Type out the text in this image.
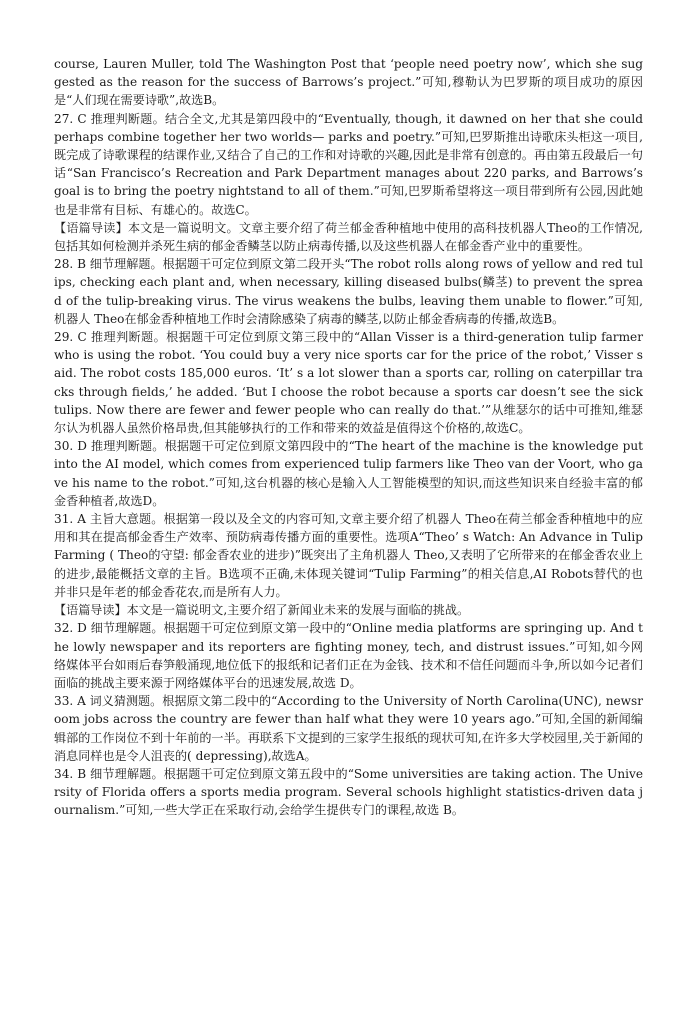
course, Lauren Muller, told The Washington Post that ‘people need poetry now’, which she suggested as the reason for the success of Barrows’s project.”可知,穆勒认为巴罗斯的项目成功的原因是“人们现在需要诗歌”,故选B。

27. C 推理判断题。结合全文,尤其是第四段中的“Eventually, though, it dawned on her that she could perhaps combine together her two worlds— parks and poetry.”可知,巴罗斯推出诗歌床头柜这一项目,既完成了诗歌课程的结课作业,又结合了自己的工作和对诗歌的兴趣,因此是非常有创意的。再由第五段最后一句话“San Francisco’s Recreation and Park Department manages about 220 parks, and Barrows’s goal is to bring the poetry nightstand to all of them.”可知,巴罗斯希望将这一项目带到所有公园,因此她也是非常有目标、有雄心的。故选C。

【语篇导读】本文是一篇说明文。文章主要介绍了荷兰郁金香种植地中使用的高科技机器人Theo的工作情况,包括其如何检测并杀死生病的郁金香鳞茎以防止病毒传播,以及这些机器人在郁金香产业中的重要性。

28. B 细节理解题。根据题干可定位到原文第二段开头“The robot rolls along rows of yellow and red tulips, checking each plant and, when necessary, killing diseased bulbs(鳞茎) to prevent the spread of the tulip-breaking virus. The virus weakens the bulbs, leaving them unable to flower.”可知,机器人 Theo在郁金香种植地工作时会清除感染了病毒的鳞茎,以防止郁金香病毒的传播,故选B。

29. C 推理判断题。根据题干可定位到原文第三段中的“Allan Visser is a third-generation tulip farmer who is using the robot. ‘You could buy a very nice sports car for the price of the robot,’ Visser said. The robot costs 185,000 euros. ‘It’ s a lot slower than a sports car, rolling on caterpillar tracks through fields,’ he added. ‘But I choose the robot because a sports car doesn’t see the sick tulips. Now there are fewer and fewer people who can really do that.’”从维瑟尔的话中可推知,维瑟尔认为机器人虽然价格昂贵,但其能够执行的工作和带来的效益是值得这个价格的,故选C。

30. D 推理判断题。根据题干可定位到原文第四段中的“The heart of the machine is the knowledge put into the AI model, which comes from experienced tulip farmers like Theo van der Voort, who gave his name to the robot.”可知,这台机器的核心是输入人工智能模型的知识,而这些知识来自经验丰富的郁金香种植者,故选D。

31. A 主旨大意题。根据第一段以及全文的内容可知,文章主要介绍了机器人 Theo在荷兰郁金香种植地中的应用和其在提高郁金香生产效率、预防病毒传播方面的重要性。选项A“Theo’ s Watch: An Advance in Tulip Farming ( Theo的守望: 郁金香农业的进步)”既突出了主角机器人 Theo,又表明了它所带来的在郁金香农业上的进步,最能概括文章的主旨。B选项不正确,未体现关键词“Tulip Farming”的相关信息,AI Robots替代的也并非只是年老的郁金香花农,而是所有人力。

【语篇导读】本文是一篇说明文,主要介绍了新闻业未来的发展与面临的挑战。

32. D 细节理解题。根据题干可定位到原文第一段中的“Online media platforms are springing up. And the lowly newspaper and its reporters are fighting money, tech, and distrust issues.”可知,如今网络媒体平台如雨后春笋般涌现,地位低下的报纸和记者们正在为金钱、技术和不信任问题而斗争,所以如今记者们面临的挑战主要来源于网络媒体平台的迅速发展,故选 D。

33. A 词义猜测题。根据原文第二段中的“According to the University of North Carolina(UNC), newsroom jobs across the country are fewer than half what they were 10 years ago.”可知,全国的新闻编辑部的工作岗位不到十年前的一半。再联系下文提到的三家学生报纸的现状可知,在许多大学校园里,关于新闻的消息同样也是令人沮丧的( depressing),故选A。

34. B 细节理解题。根据题干可定位到原文第五段中的“Some universities are taking action. The University of Florida offers a sports media program. Several schools highlight statistics-driven data journalism.”可知,一些大学正在采取行动,会给学生提供专门的课程,故选 B。
